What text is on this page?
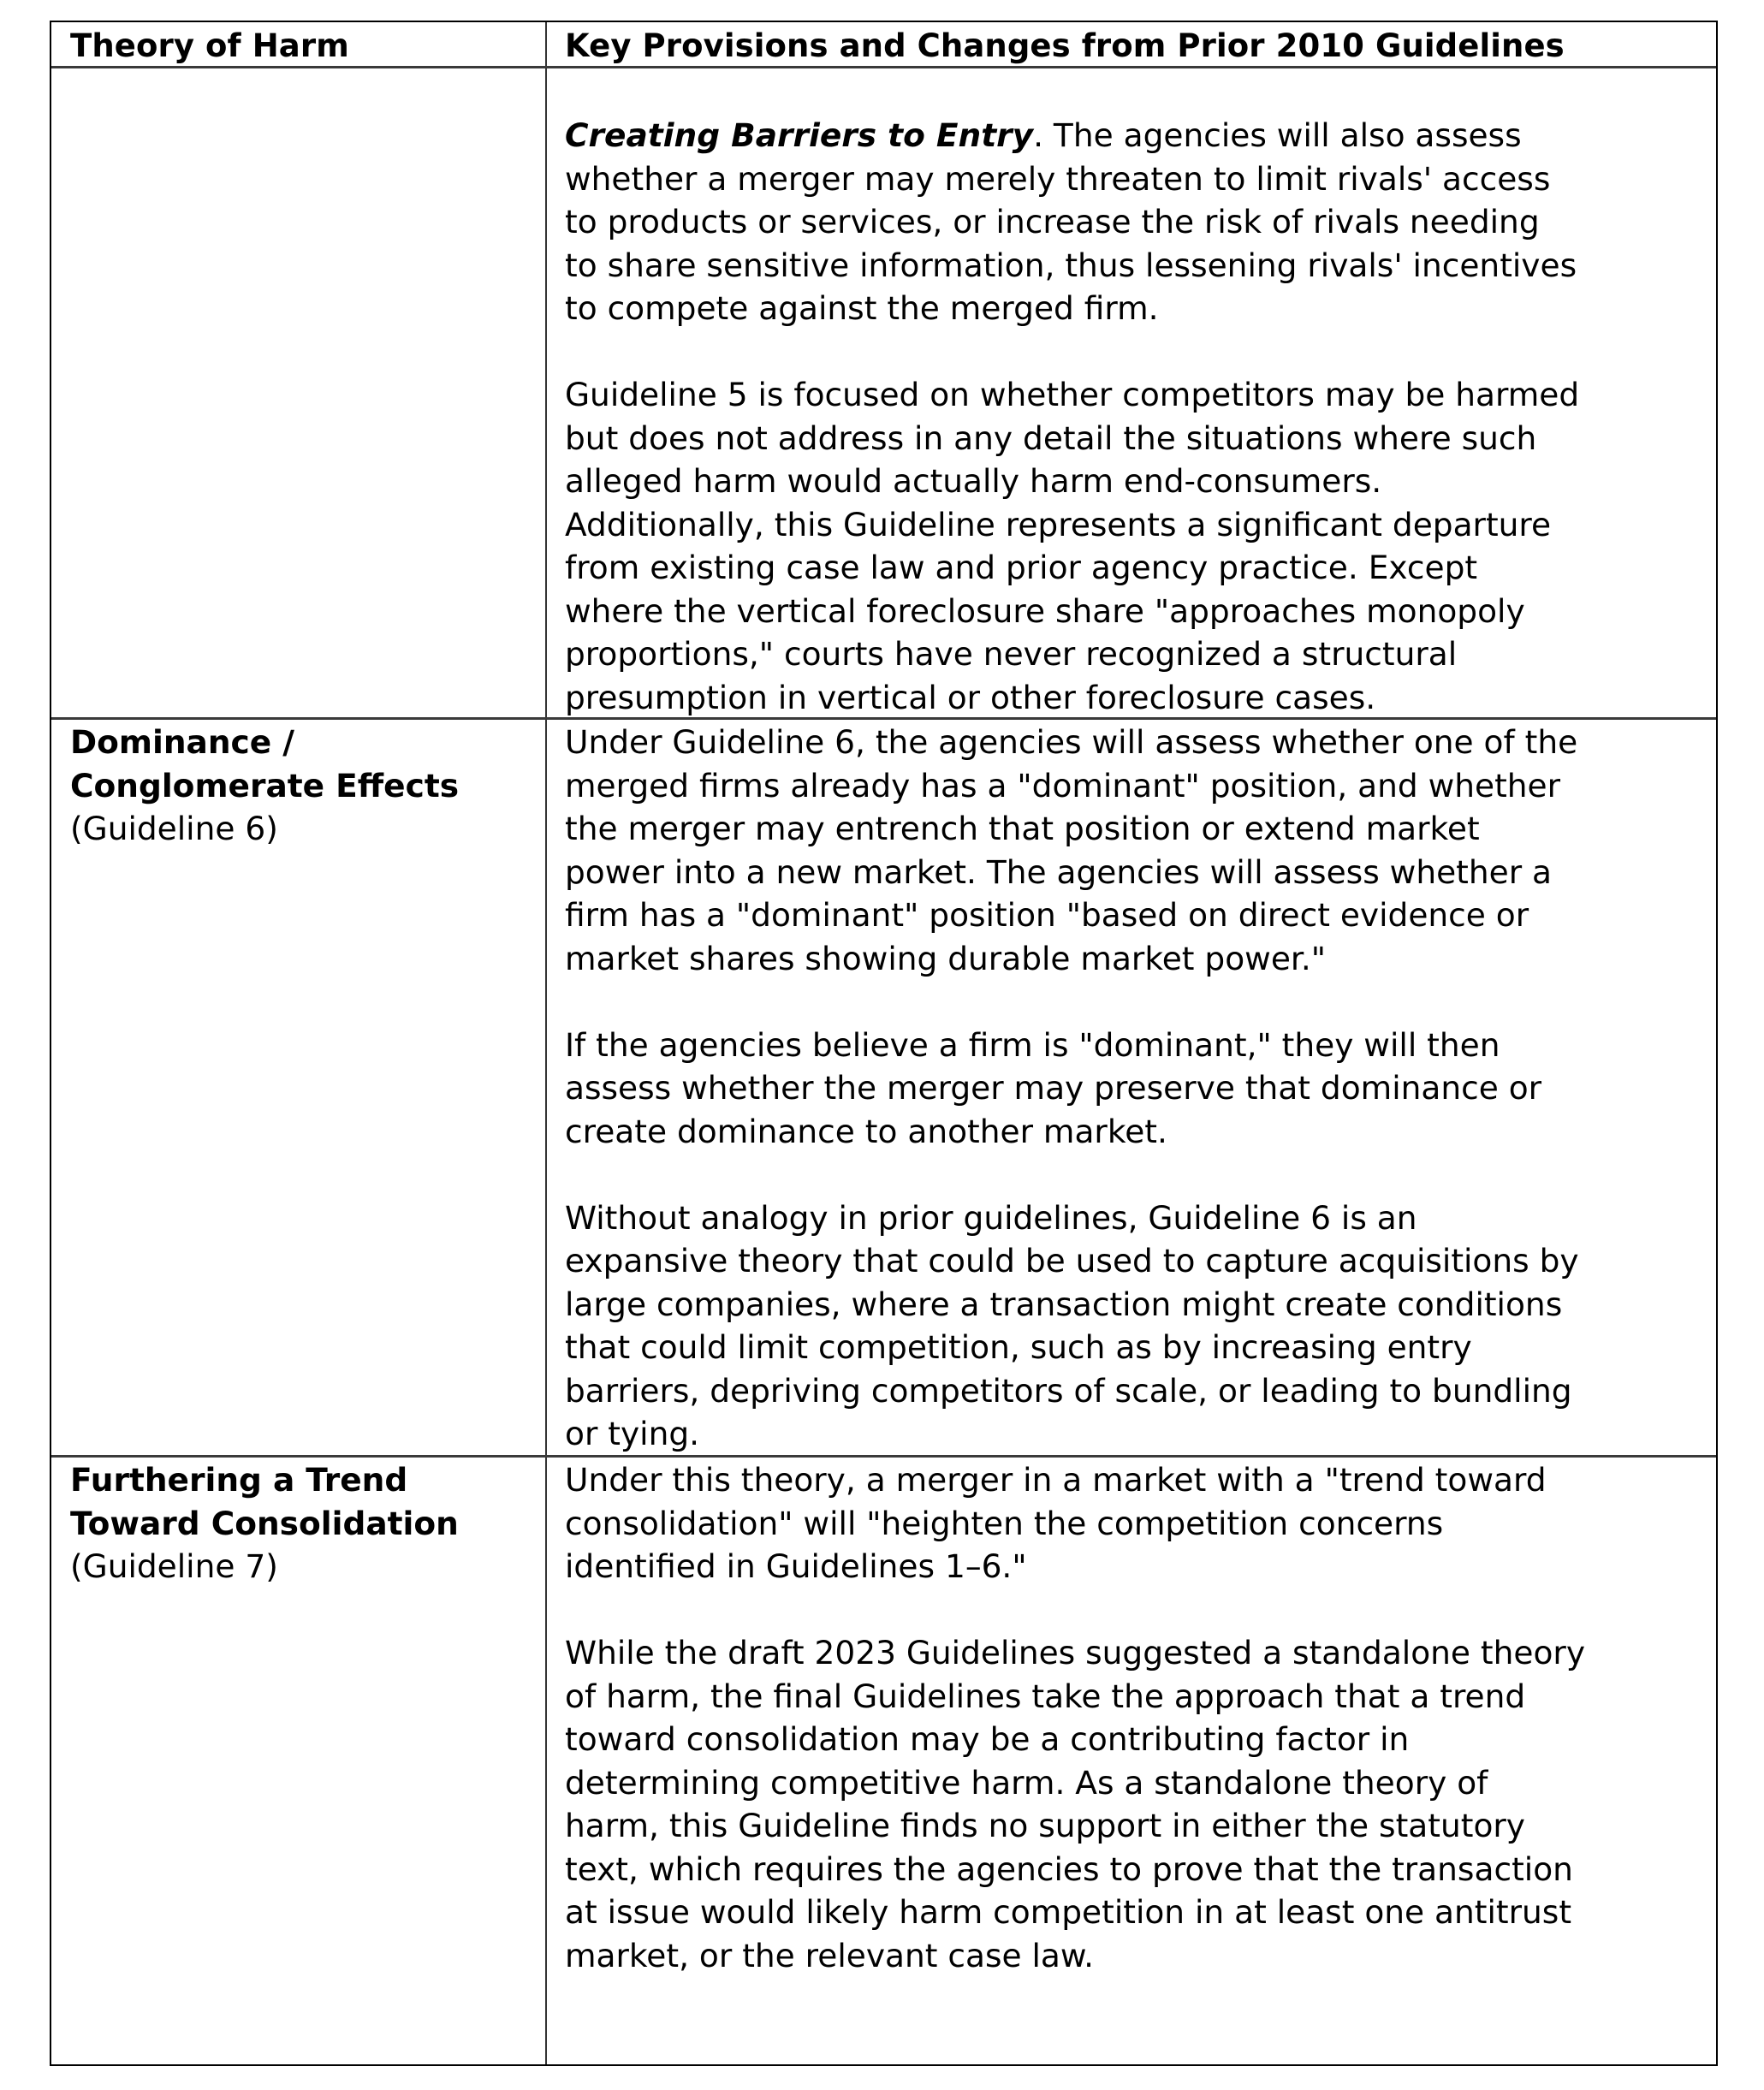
Theory of Harm	Key Provisions and Changes from Prior 2010 Guidelines
Creating Barriers to Entry. The agencies will also assess
whether a merger may merely threaten to limit rivals' access
to products or services, or increase the risk of rivals needing
to share sensitive information, thus lessening rivals' incentives
to compete against the merged firm.
Guideline 5 is focused on whether competitors may be harmed
but does not address in any detail the situations where such
alleged harm would actually harm end-consumers.
Additionally, this Guideline represents a significant departure
from existing case law and prior agency practice. Except
where the vertical foreclosure share "approaches monopoly
proportions," courts have never recognized a structural
presumption in vertical or other foreclosure cases.
Dominance /
Conglomerate Effects
(Guideline 6)
Under Guideline 6, the agencies will assess whether one of the
merged firms already has a "dominant" position, and whether
the merger may entrench that position or extend market
power into a new market. The agencies will assess whether a
firm has a "dominant" position "based on direct evidence or
market shares showing durable market power."
If the agencies believe a firm is "dominant," they will then
assess whether the merger may preserve that dominance or
create dominance to another market.
Without analogy in prior guidelines, Guideline 6 is an
expansive theory that could be used to capture acquisitions by
large companies, where a transaction might create conditions
that could limit competition, such as by increasing entry
barriers, depriving competitors of scale, or leading to bundling
or tying.
Furthering a Trend
Toward Consolidation
(Guideline 7)
Under this theory, a merger in a market with a "trend toward
consolidation" will "heighten the competition concerns
identified in Guidelines 1–6."
While the draft 2023 Guidelines suggested a standalone theory
of harm, the final Guidelines take the approach that a trend
toward consolidation may be a contributing factor in
determining competitive harm. As a standalone theory of
harm, this Guideline finds no support in either the statutory
text, which requires the agencies to prove that the transaction
at issue would likely harm competition in at least one antitrust
market, or the relevant case law.
